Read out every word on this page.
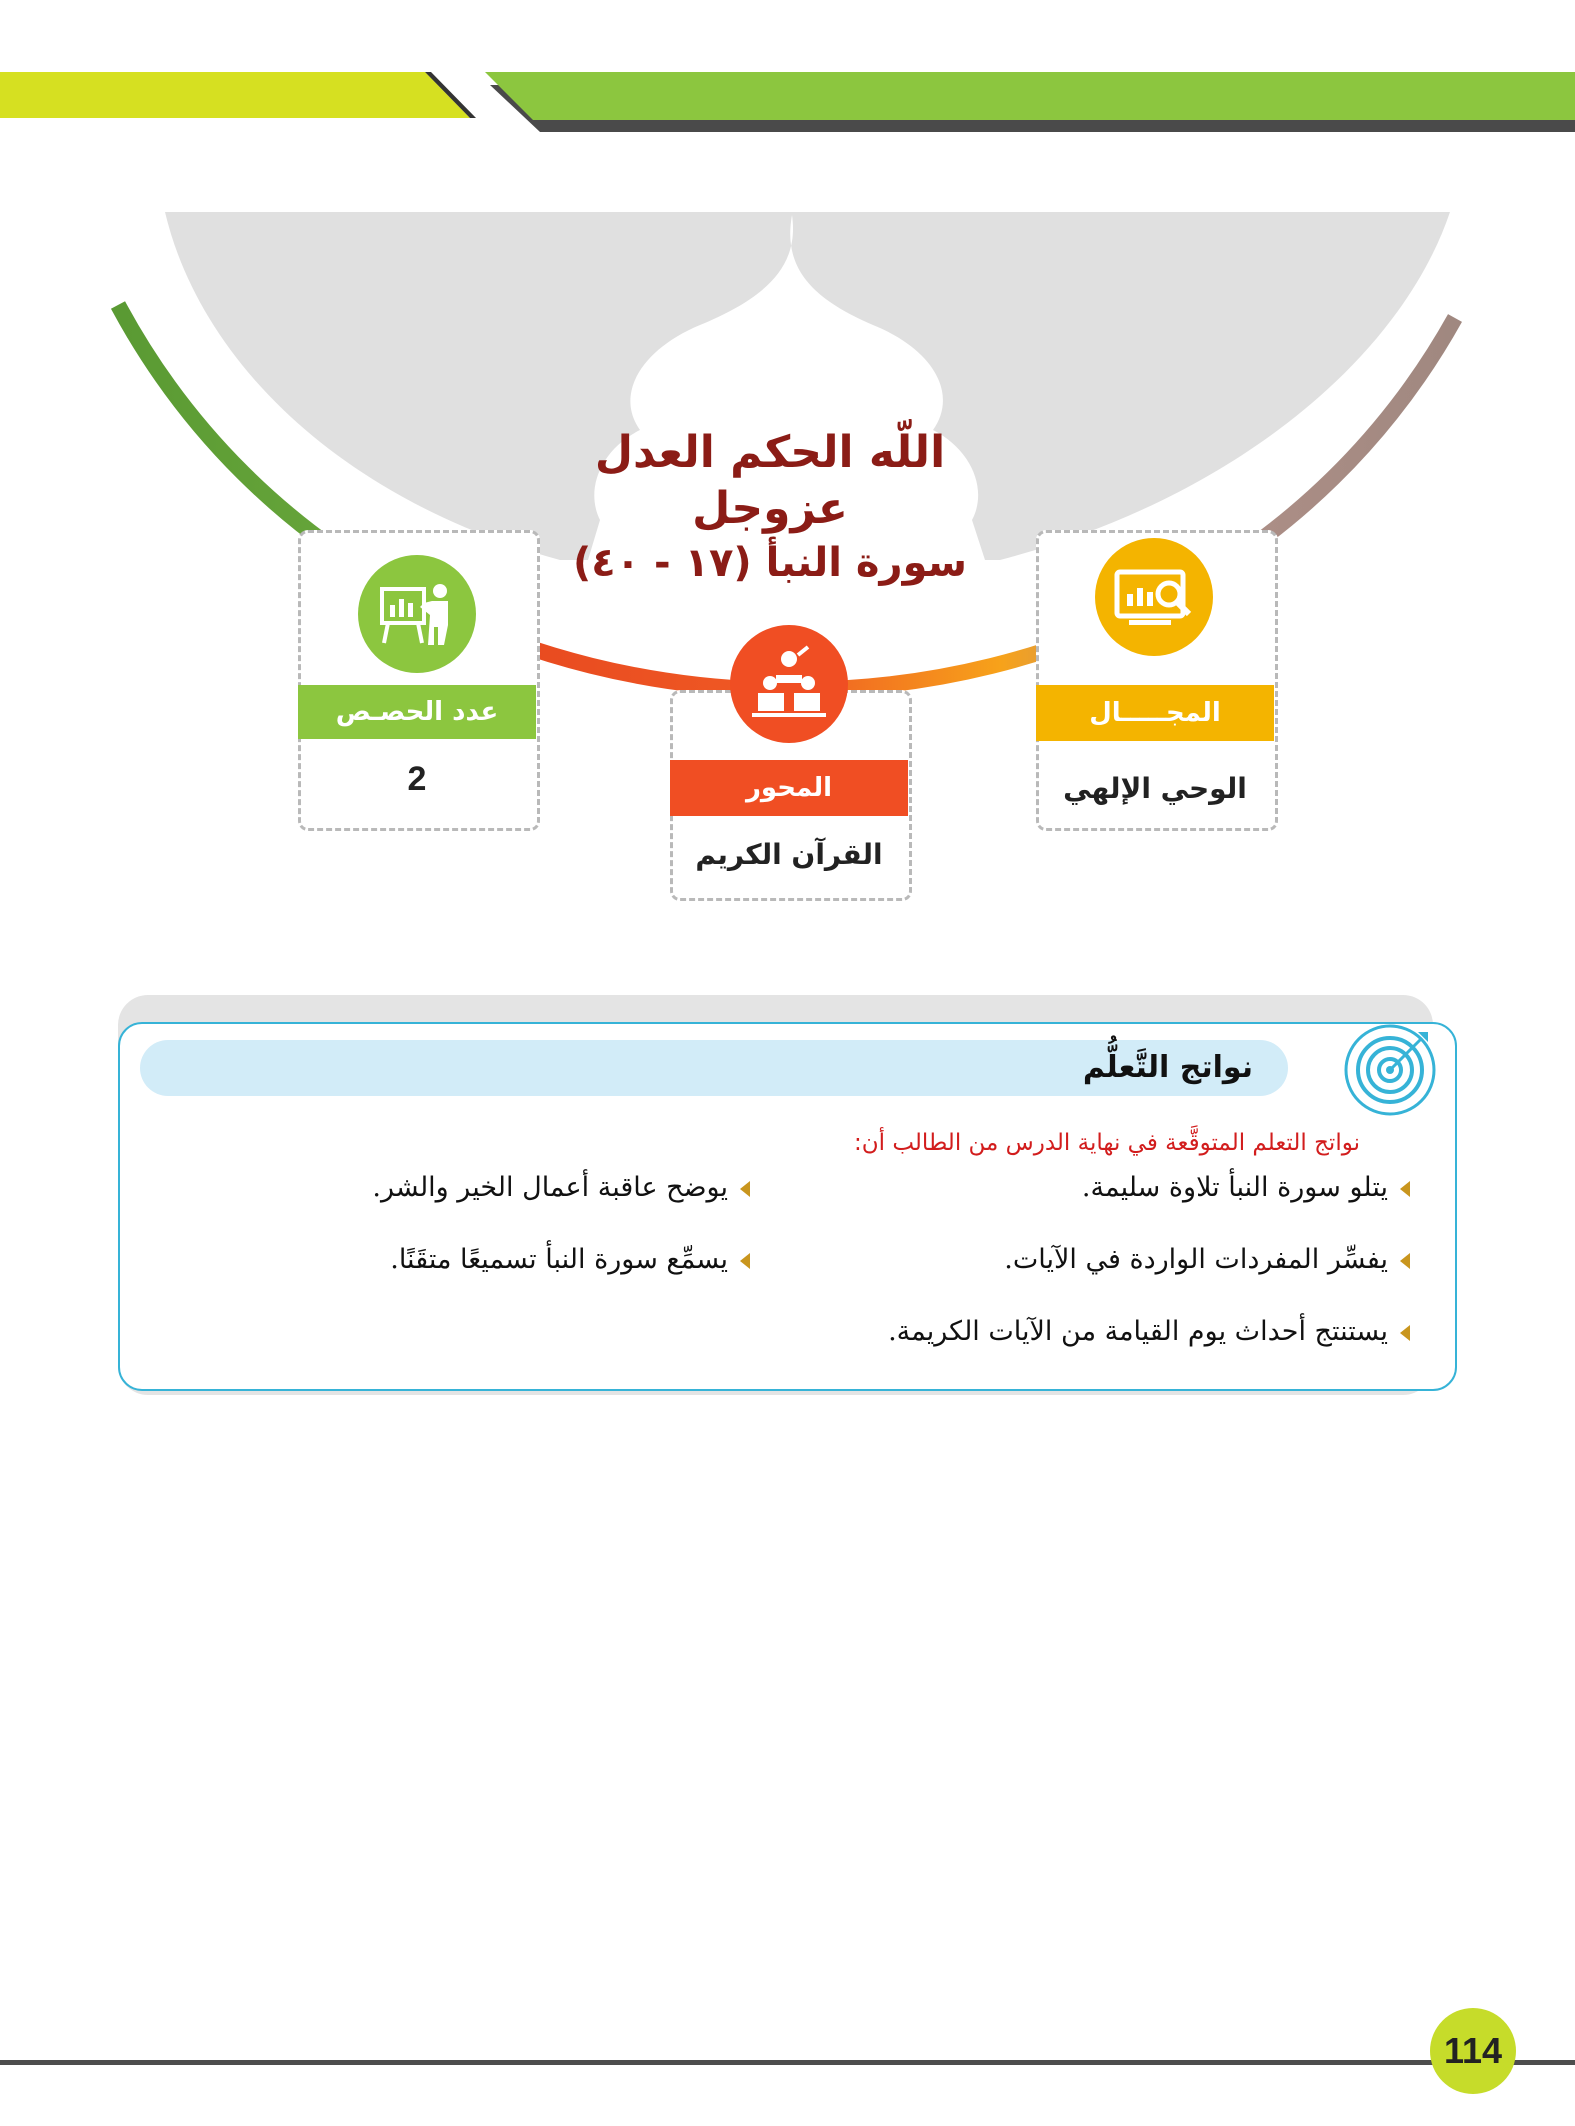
اللّه الحكم العدل عزوجل
سورة النبأ (١٧ - ٤٠)
عدد الحصـص
2	المحور
القرآن الكريم
المجـــــال
الوحي الإلهي
نواتج التَّعلُّم
نواتج التعلم المتوقَّعة في نهاية الدرس من الطالب أن:
يتلو سورة النبأ تلاوة سليمة.
يوضح عاقبة أعمال الخير والشر.
يفسِّر المفردات الواردة في الآيات.
يسمِّع سورة النبأ تسميعًا متقَنًا.
يستنتج أحداث يوم القيامة من الآيات الكريمة.
114
